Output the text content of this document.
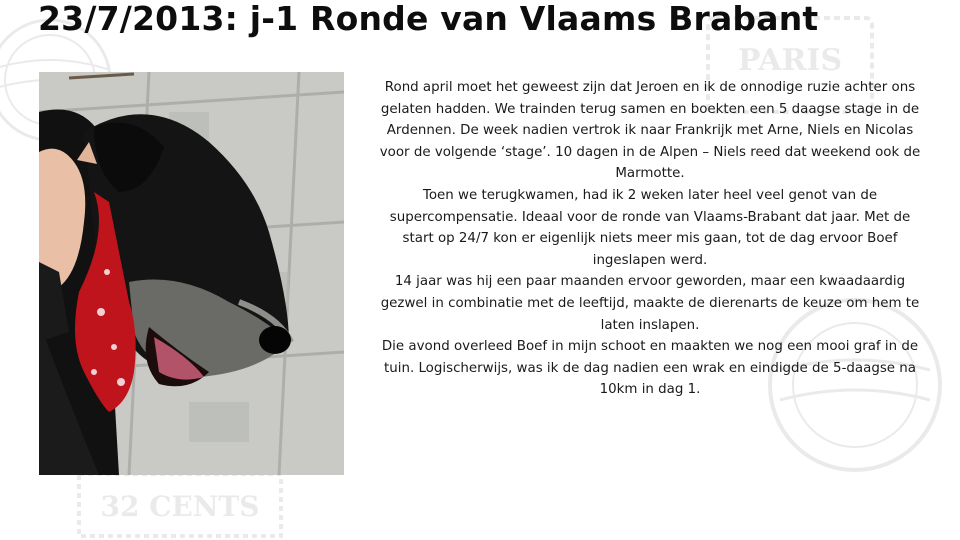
PARIS
32 CENTS
23/7/2013: j-1 Ronde van Vlaams Brabant

Rond april moet het geweest zijn dat Jeroen en ik de onnodige ruzie achter ons gelaten hadden. We trainden terug samen en boekten een 5 daagse stage in de Ardennen. De week nadien vertrok ik naar Frankrijk met Arne, Niels en Nicolas voor de volgende ‘stage’. 10 dagen in de Alpen – Niels reed dat weekend ook de Marmotte.

Toen we terugkwamen, had ik 2 weken later heel veel genot van de supercompensatie. Ideaal voor de ronde van Vlaams-Brabant dat jaar. Met de start op 24/7 kon er eigenlijk niets meer mis gaan, tot de dag ervoor Boef ingeslapen werd.

14 jaar was hij een paar maanden ervoor geworden, maar een kwaadaardig gezwel in combinatie met de leeftijd, maakte de dierenarts de keuze om hem te laten inslapen.

Die avond overleed Boef in mijn schoot en maakten we nog een mooi graf in de tuin. Logischerwijs, was ik de dag nadien een wrak en eindigde de 5-daagse na 10km in dag 1.
